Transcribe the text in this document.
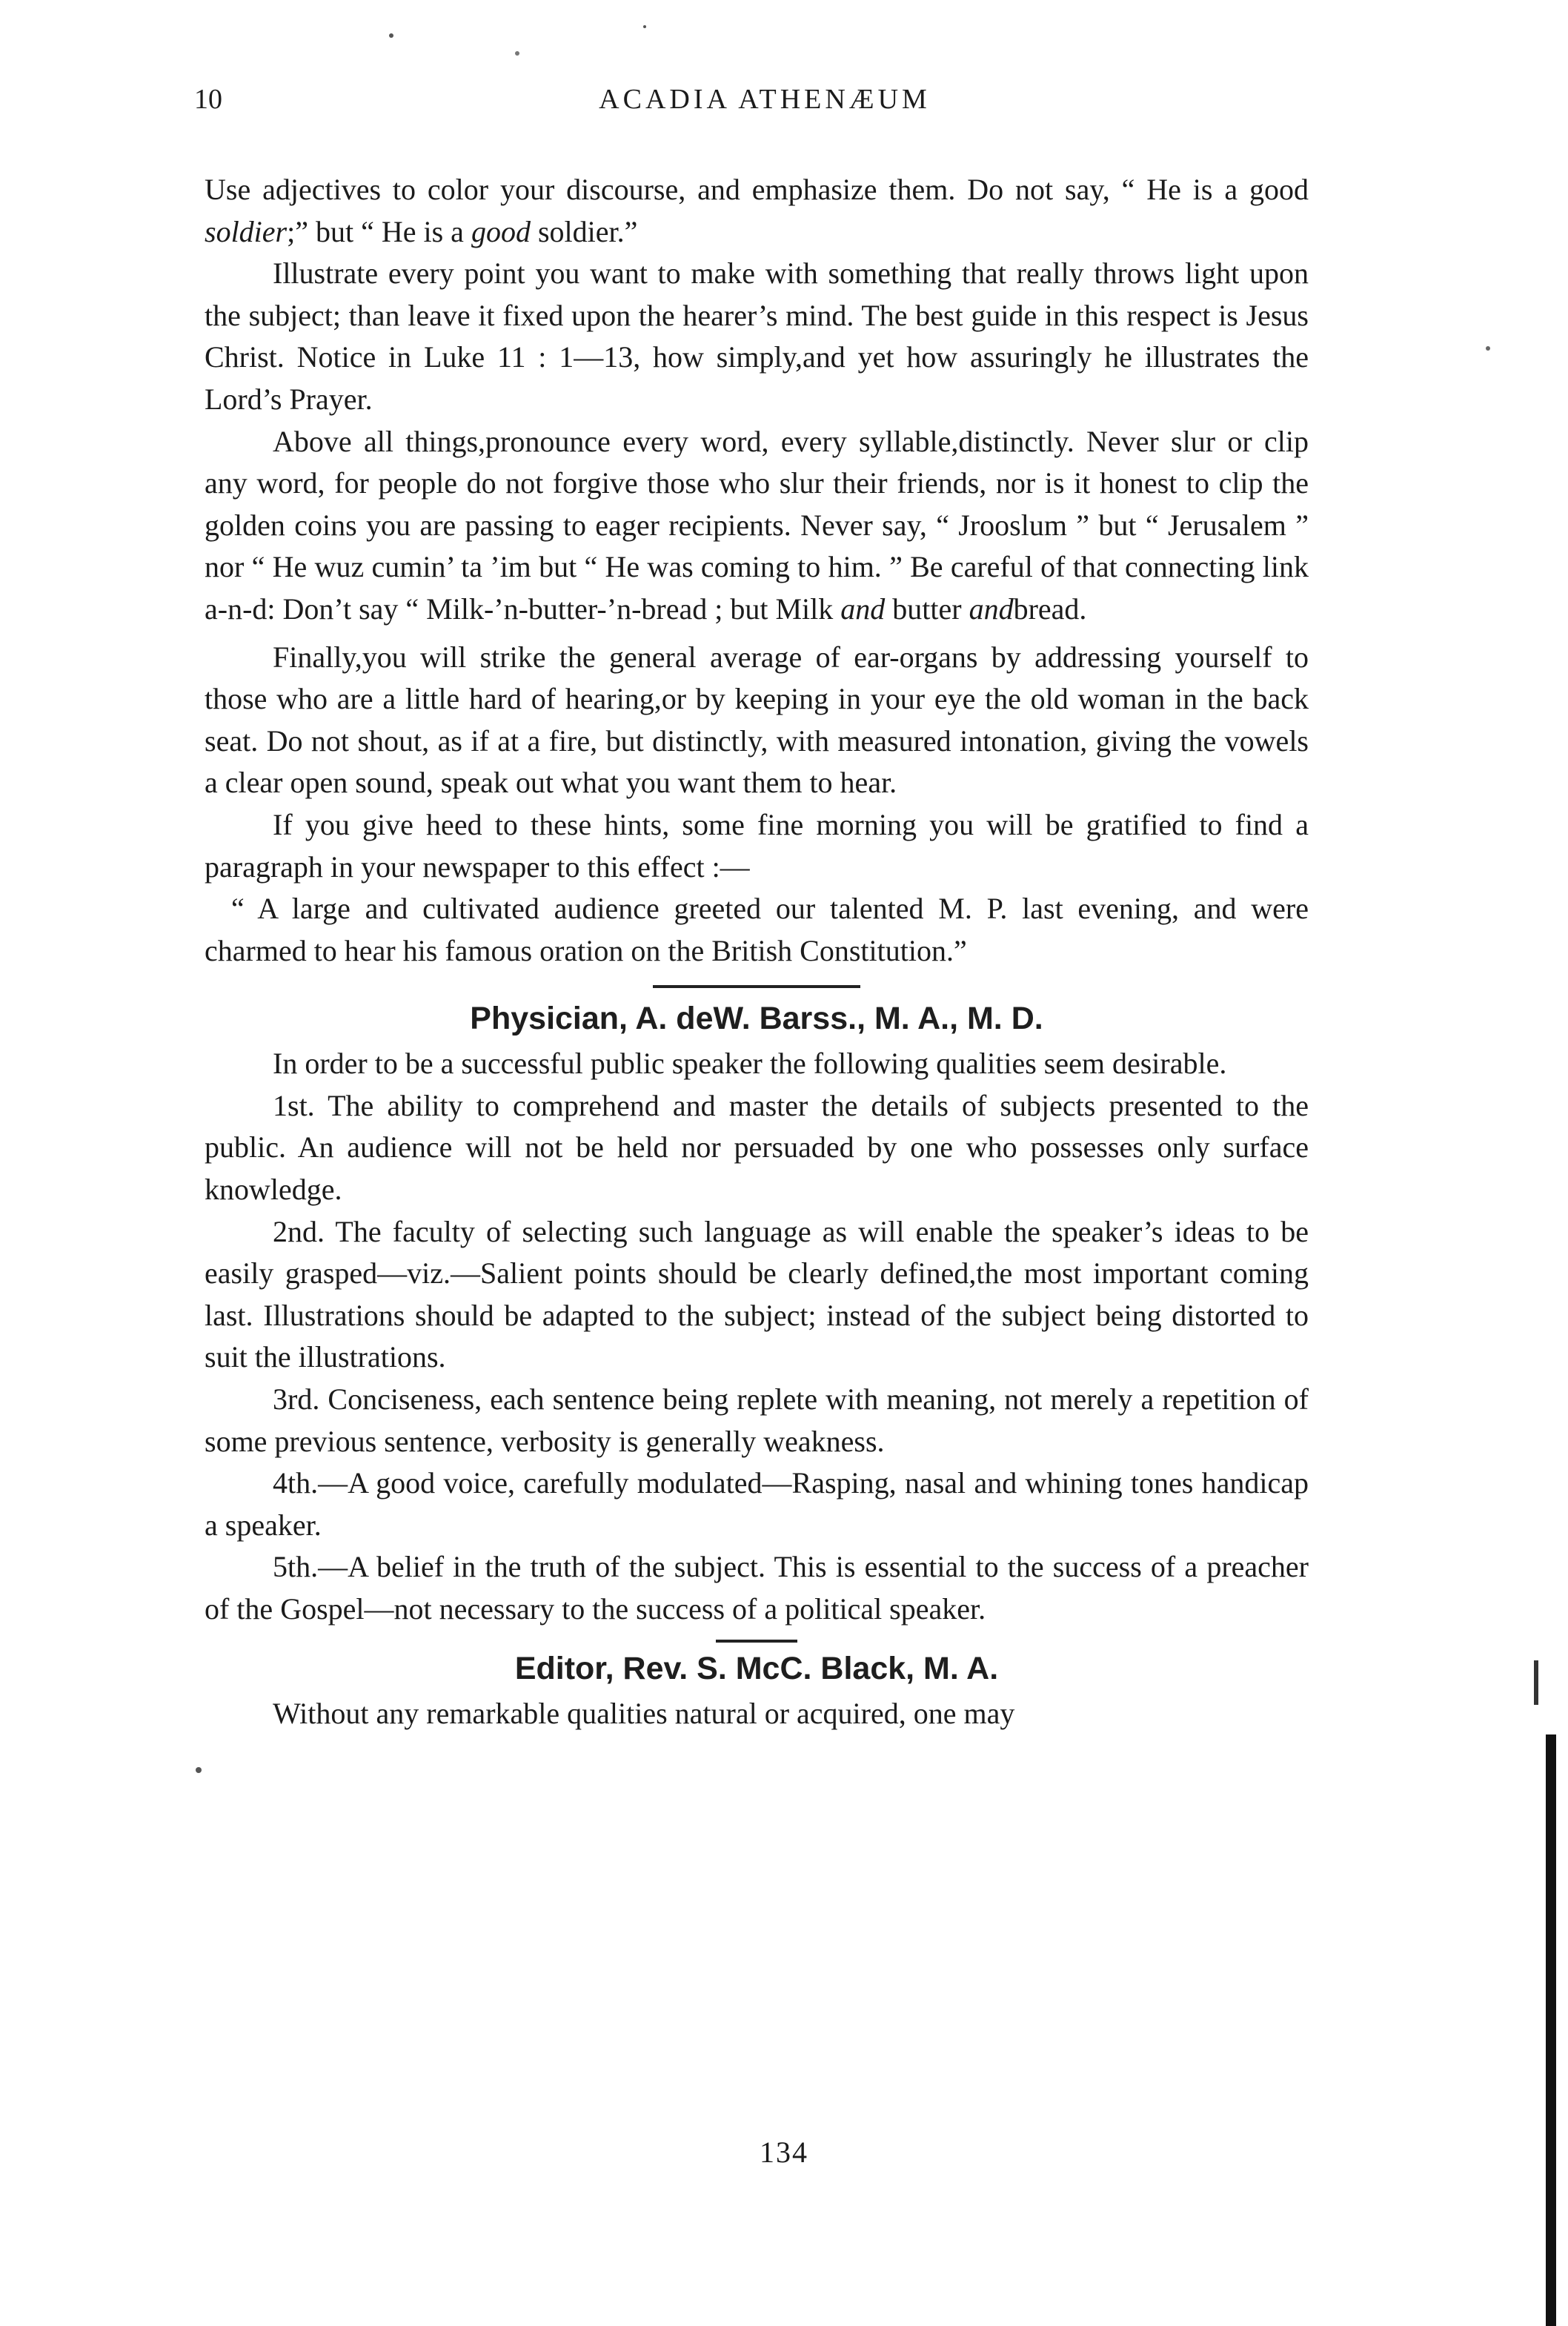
10	ACADIA ATHENÆUM

Use adjectives to color your discourse, and emphasize them. Do not say, “ He is a good soldier;” but “ He is a good soldier.”

Illustrate every point you want to make with something that really throws light upon the subject; than leave it fixed upon the hearer’s mind. The best guide in this respect is Jesus Christ. Notice in Luke 11 : 1—13, how simply,and yet how assuringly he illustrates the Lord’s Prayer.

Above all things,pronounce every word, every syllable,distinctly. Never slur or clip any word, for people do not forgive those who slur their friends, nor is it honest to clip the golden coins you are passing to eager recipients. Never say, “ Jrooslum ” but “ Jerusalem ” nor “ He wuz cumin’ ta ’im but “ He was coming to him. ” Be careful of that connecting link a-n-d: Don’t say “ Milk-’n-butter-’n-bread ; but Milk and butter andbread.

Finally,you will strike the general average of ear-organs by addressing yourself to those who are a little hard of hearing,or by keeping in your eye the old woman in the back seat. Do not shout, as if at a fire, but distinctly, with measured intonation, giving the vowels a clear open sound, speak out what you want them to hear.

If you give heed to these hints, some fine morning you will be gratified to find a paragraph in your newspaper to this effect :—

“ A large and cultivated audience greeted our talented M. P. last evening, and were charmed to hear his famous oration on the British Constitution.”

Physician, A. deW. Barss., M. A., M. D.

In order to be a successful public speaker the following qualities seem desirable.

1st. The ability to comprehend and master the details of subjects presented to the public. An audience will not be held nor persuaded by one who possesses only surface knowledge.

2nd. The faculty of selecting such language as will enable the speaker’s ideas to be easily grasped—viz.—Salient points should be clearly defined,the most important coming last. Illustrations should be adapted to the subject; instead of the subject being distorted to suit the illustrations.

3rd. Conciseness, each sentence being replete with meaning, not merely a repetition of some previous sentence, verbosity is generally weakness.

4th.—A good voice, carefully modulated—Rasping, nasal and whining tones handicap a speaker.

5th.—A belief in the truth of the subject. This is essential to the success of a preacher of the Gospel—not necessary to the success of a political speaker.

Editor, Rev. S. McC. Black, M. A.

Without any remarkable qualities natural or acquired, one may

134
